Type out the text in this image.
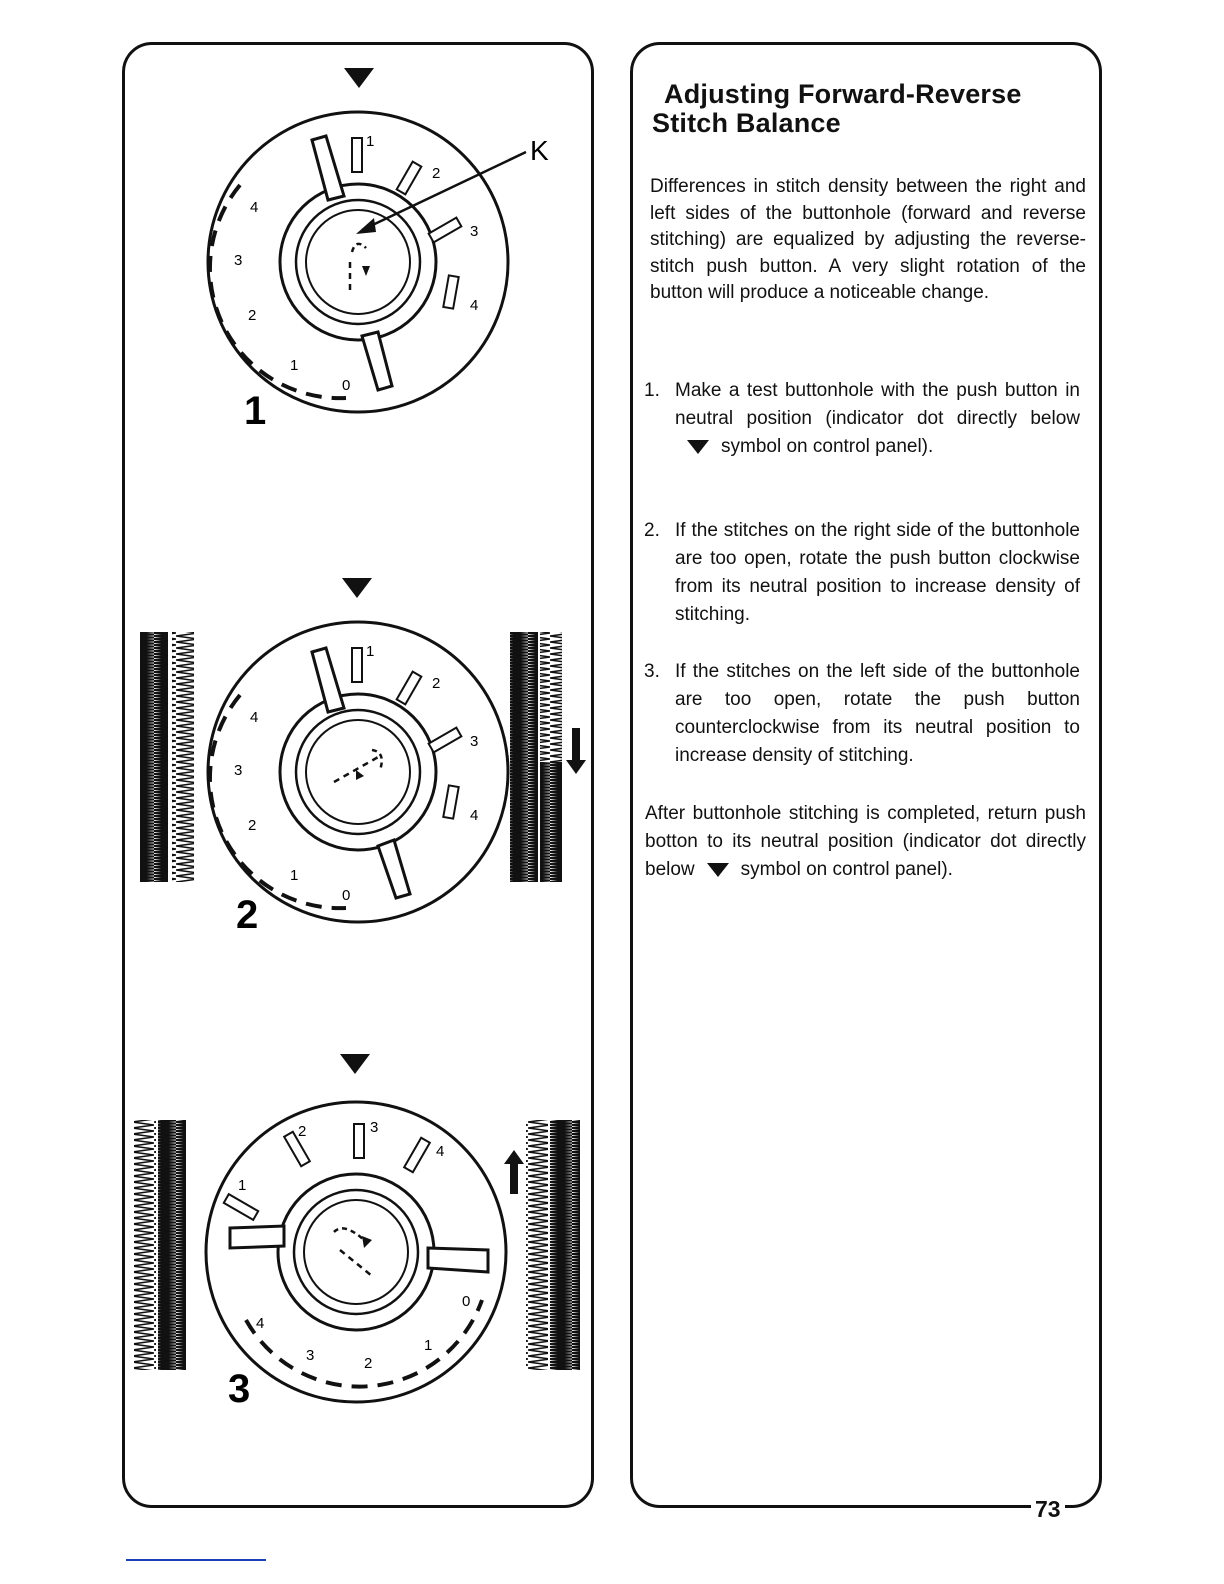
1
2
3
4
4
3
2
1
0
K
1
1
2
3
4
4
3
2
1
0
2
1
2	3
4
4
3	2
1
0
3
Adjusting Forward-Reverse
Stitch Balance
Differences in stitch density between the right and left sides of the buttonhole (forward and reverse stitching) are equalized by adjusting the reverse-stitch push button. A very slight rotation of the button will produce a noticeable change.
1. Make a test buttonhole with the push button in neutral position (indicator dot directly belowsymbol on control panel).
2. If the stitches on the right side of the buttonhole are too open, rotate the push button clockwise from its neutral position to increase density of stitching.
3. If the stitches on the left side of the buttonhole are too open, rotate the push button counterclockwise from its neutral position to increase density of stitching.
After buttonhole stitching is completed, return push botton to its neutral position (indicator dot directly below symbol on control panel).
73
